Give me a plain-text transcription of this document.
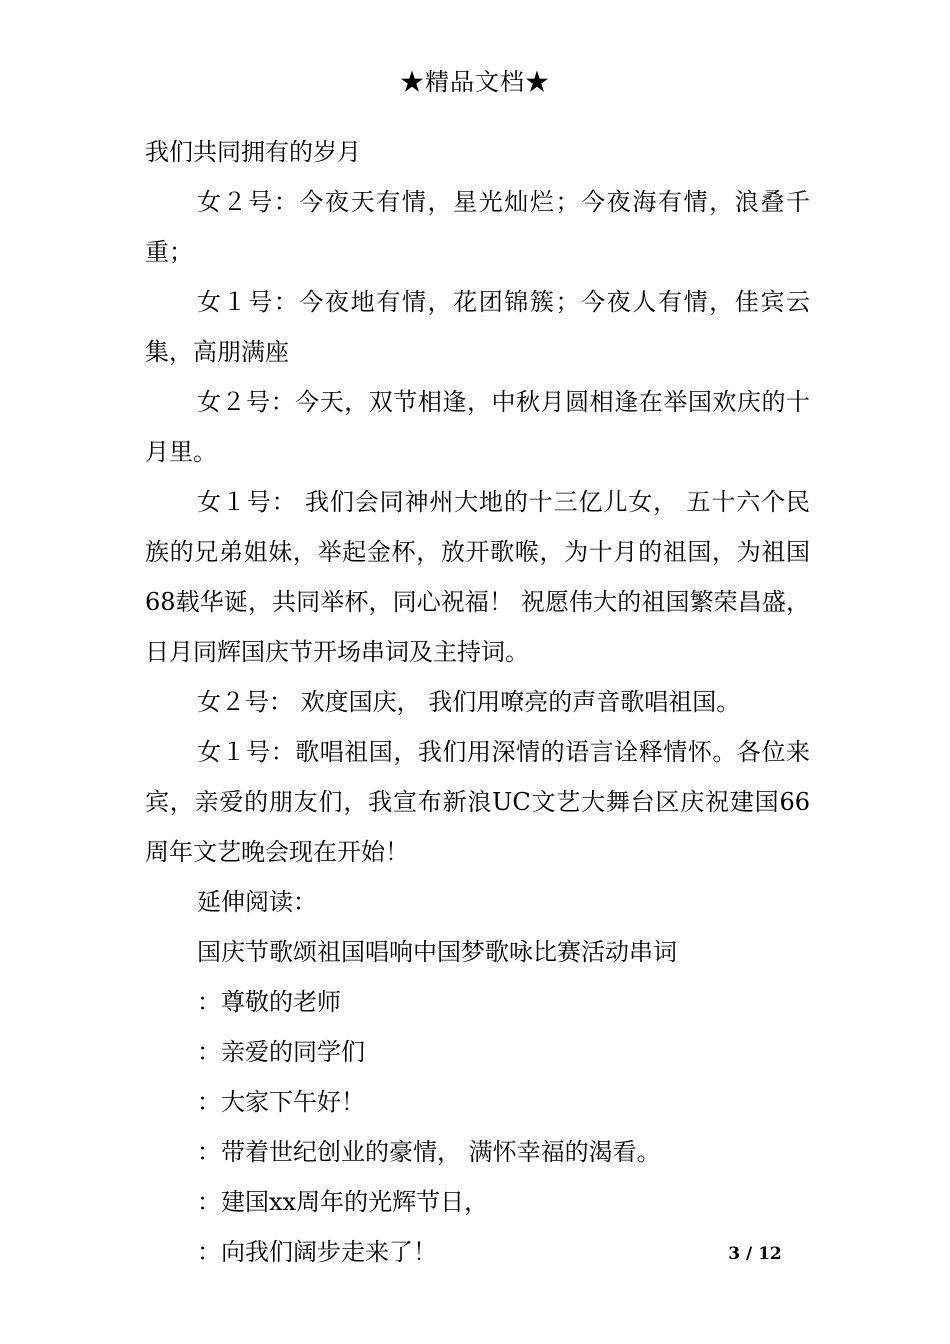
★精品文档★

我们共同拥有的岁月

女２号：今夜天有情，星光灿烂；今夜海有情，浪叠千重；

女１号：今夜地有情，花团锦簇；今夜人有情，佳宾云集，高朋满座

女２号：今天，双节相逢，中秋月圆相逢在举国欢庆的十月里。

女１号： 我们会同神州大地的十三亿儿女， 五十六个民族的兄弟姐妹，举起金杯，放开歌喉，为十月的祖国，为祖国68载华诞，共同举杯，同心祝福！ 祝愿伟大的祖国繁荣昌盛，日月同辉国庆节开场串词及主持词。

女２号： 欢度国庆， 我们用嘹亮的声音歌唱祖国。

女１号：歌唱祖国，我们用深情的语言诠释情怀。各位来宾，亲爱的朋友们，我宣布新浪UC文艺大舞台区庆祝建国66周年文艺晚会现在开始！

延伸阅读：

国庆节歌颂祖国唱响中国梦歌咏比赛活动串词

：尊敬的老师

：亲爱的同学们

：大家下午好！

：带着世纪创业的豪情， 满怀幸福的渴看。

：建国xx周年的光辉节日，

：向我们阔步走来了！	3 / 12
